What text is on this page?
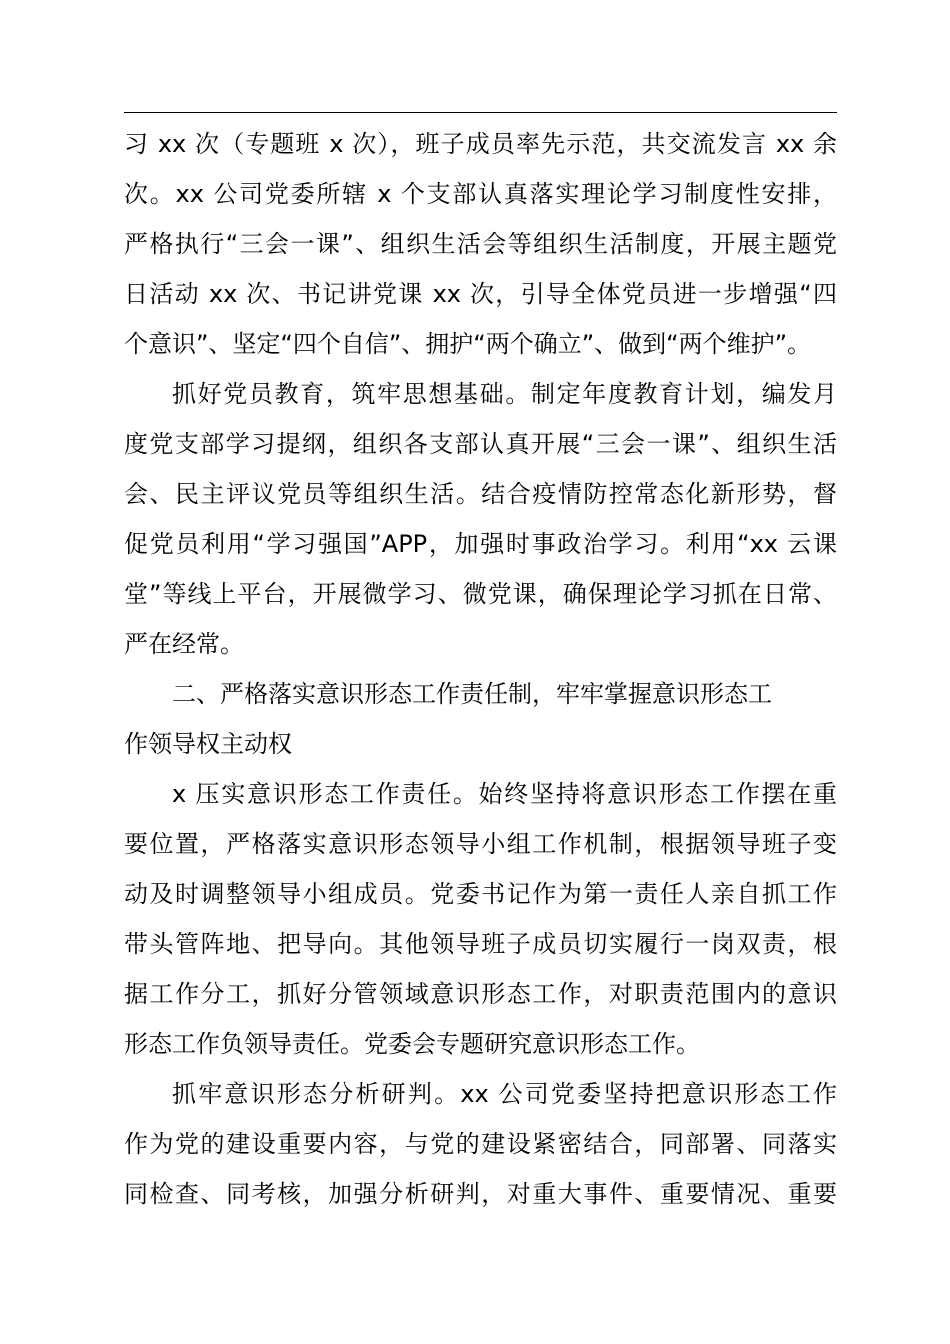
习 xx 次（专题班 x 次），班子成员率先示范，共交流发言 xx 余
次。xx 公司党委所辖 x 个支部认真落实理论学习制度性安排，
严格执行“三会一课”、组织生活会等组织生活制度，开展主题党
日活动 xx 次、书记讲党课 xx 次，引导全体党员进一步增强“四
个意识”、坚定“四个自信”、拥护“两个确立”、做到“两个维护”。
抓好党员教育，筑牢思想基础。制定年度教育计划，编发月
度党支部学习提纲，组织各支部认真开展“三会一课”、组织生活
会、民主评议党员等组织生活。结合疫情防控常态化新形势，督
促党员利用“学习强国”APP，加强时事政治学习。利用“xx 云课
堂”等线上平台，开展微学习、微党课，确保理论学习抓在日常、
严在经常。
二、严格落实意识形态工作责任制，牢牢掌握意识形态工
作领导权主动权
x 压实意识形态工作责任。始终坚持将意识形态工作摆在重
要位置，严格落实意识形态领导小组工作机制，根据领导班子变
动及时调整领导小组成员。党委书记作为第一责任人亲自抓工作
带头管阵地、把导向。其他领导班子成员切实履行一岗双责，根
据工作分工，抓好分管领域意识形态工作，对职责范围内的意识
形态工作负领导责任。党委会专题研究意识形态工作。
抓牢意识形态分析研判。xx 公司党委坚持把意识形态工作
作为党的建设重要内容，与党的建设紧密结合，同部署、同落实
同检查、同考核，加强分析研判，对重大事件、重要情况、重要
